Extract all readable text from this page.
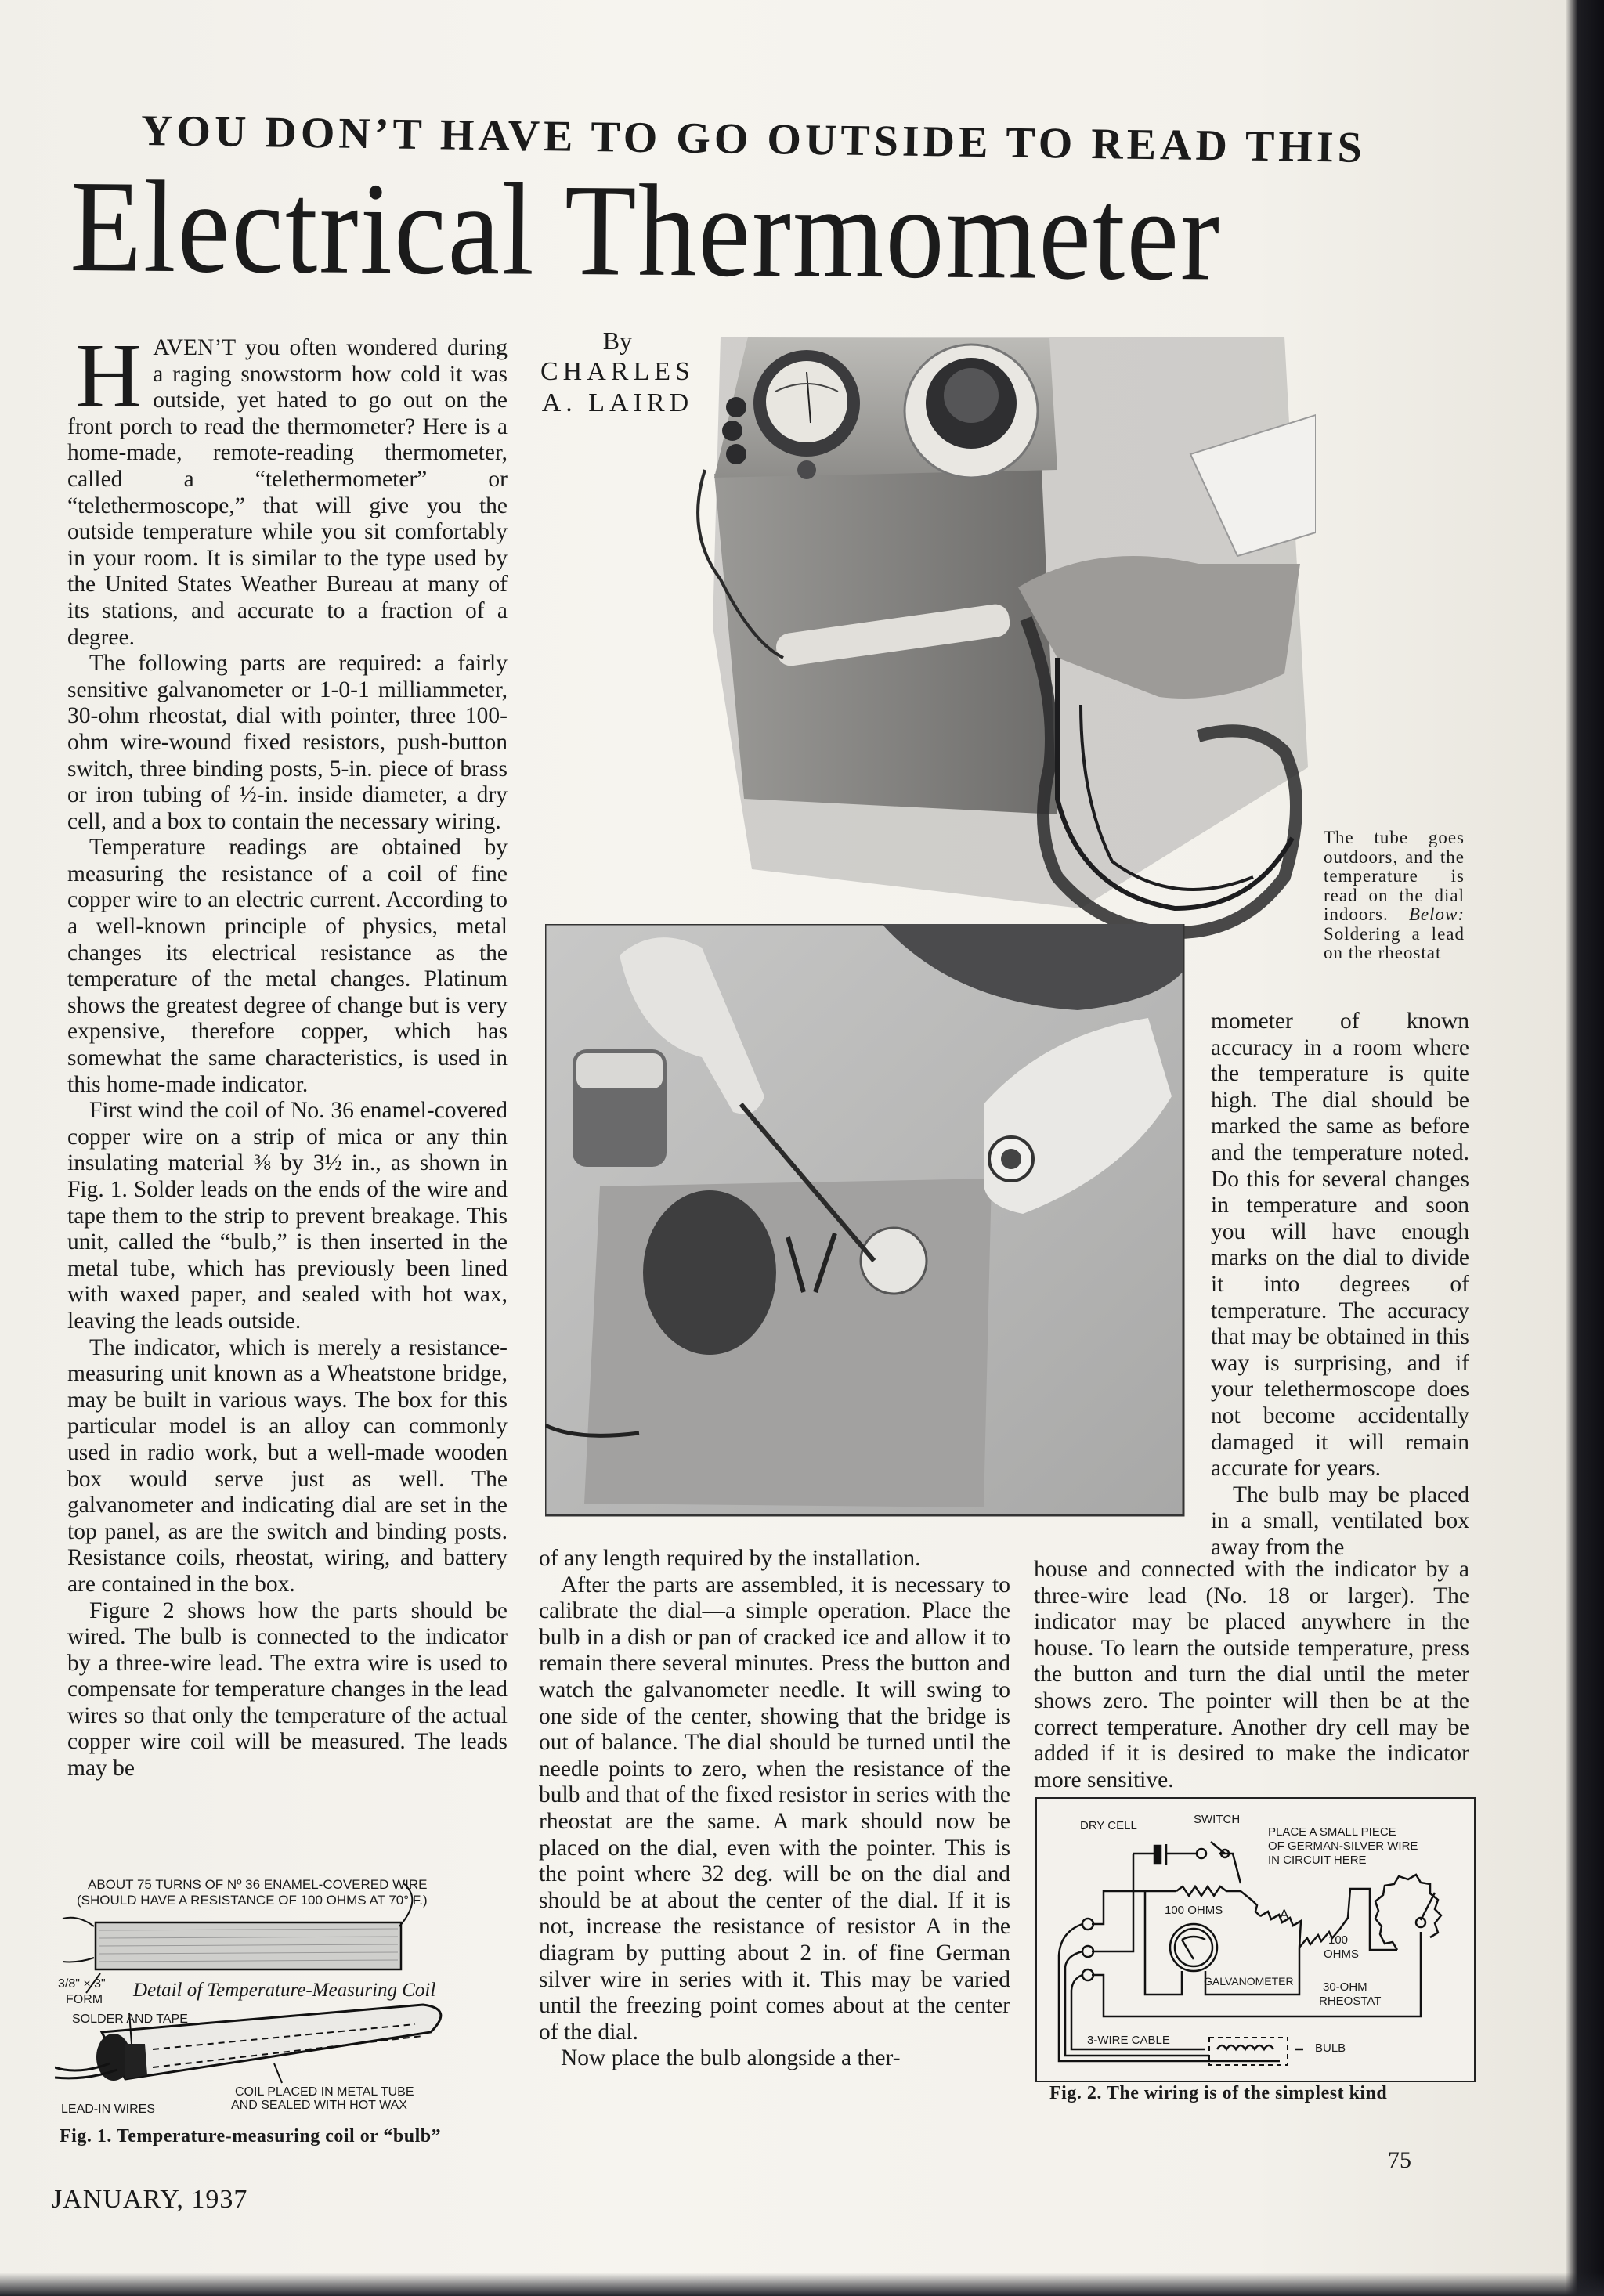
YOU DON’T HAVE TO GO OUTSIDE TO READ THIS
Electrical Thermometer

HAVEN’T you often wondered during a raging snowstorm how cold it was outside, yet hated to go out on the front porch to read the thermometer? Here is a home-made, remote-reading thermometer, called a “telethermometer” or “telethermoscope,” that will give you the outside temperature while you sit comfortably in your room. It is similar to the type used by the United States Weather Bureau at many of its stations, and accurate to a fraction of a degree.

The following parts are required: a fairly sensitive galvanometer or 1-0-1 milliammeter, 30-ohm rheostat, dial with pointer, three 100-ohm wire-wound fixed resistors, push-button switch, three binding posts, 5-in. piece of brass or iron tubing of ½-in. inside diameter, a dry cell, and a box to contain the necessary wiring.

Temperature readings are obtained by measuring the resistance of a coil of fine copper wire to an electric current. According to a well-known principle of physics, metal changes its electrical resistance as the temperature of the metal changes. Platinum shows the greatest degree of change but is very expensive, therefore copper, which has somewhat the same characteristics, is used in this home-made indicator.

First wind the coil of No. 36 enamel-covered copper wire on a strip of mica or any thin insulating material ⅜ by 3½ in., as shown in Fig. 1. Solder leads on the ends of the wire and tape them to the strip to prevent breakage. This unit, called the “bulb,” is then inserted in the metal tube, which has previously been lined with waxed paper, and sealed with hot wax, leaving the leads outside.

The indicator, which is merely a resistance-measuring unit known as a Wheatstone bridge, may be built in various ways. The box for this particular model is an alloy can commonly used in radio work, but a well-made wooden box would serve just as well. The galvanometer and indicating dial are set in the top panel, as are the switch and binding posts. Resistance coils, rheostat, wiring, and battery are contained in the box.

Figure 2 shows how the parts should be wired. The bulb is connected to the indicator by a three-wire lead. The extra wire is used to compensate for temperature changes in the lead wires so that only the temperature of the actual copper wire coil will be measured. The leads may be

By
CHARLES
A. LAIRD
The tube goes outdoors, and the temperature is read on the dial indoors. Below: Soldering a lead on the rheostat

of any length required by the installation.

After the parts are assembled, it is necessary to calibrate the dial—a simple operation. Place the bulb in a dish or pan of cracked ice and allow it to remain there several minutes. Press the button and watch the galvanometer needle. It will swing to one side of the center, showing that the bridge is out of balance. The dial should be turned until the needle points to zero, when the resistance of the bulb and that of the fixed resistor in series with the rheostat are the same. A mark should now be placed on the dial, even with the pointer. This is the point where 32 deg. will be on the dial and should be at about the center of the dial. If it is not, increase the resistance of resistor A in the diagram by putting about 2 in. of fine German silver wire in series with it. This may be varied until the freezing point comes about at the center of the dial.

Now place the bulb alongside a ther-

mometer of known accuracy in a room where the temperature is quite high. The dial should be marked the same as before and the temperature noted. Do this for several changes in temperature and soon you will have enough marks on the dial to divide it into degrees of temperature. The accuracy that may be obtained in this way is surprising, and if your telethermoscope does not become accidentally damaged it will remain accurate for years.

The bulb may be placed in a small, ventilated box away from the

house and connected with the indicator by a three-wire lead (No. 18 or larger). The indicator may be placed anywhere in the house. To learn the outside temperature, press the button and turn the dial until the meter shows zero. The pointer will then be at the correct temperature. Another dry cell may be added if it is desired to make the indicator more sensitive.

ABOUT 75 TURNS OF Nº 36 ENAMEL-COVERED WIRE
(SHOULD HAVE A RESISTANCE OF 100 OHMS AT 70° F.)
3/8" × 3"
FORM Detail of Temperature-Measuring Coil
SOLDER AND TAPE
LEAD-IN WIRES
COIL PLACED IN METAL TUBE
AND SEALED WITH HOT WAX
Fig. 1. Temperature-measuring coil or “bulb”
DRY CELL	SWITCH
PLACE A SMALL PIECE
OF GERMAN-SILVER WIRE
IN CIRCUIT HERE
100 OHMS	A
100
OHMS
GALVANOMETER 30-OHM
RHEOSTAT
3-WIRE CABLE
BULB
Fig. 2. The wiring is of the simplest kind
JANUARY, 1937
75
